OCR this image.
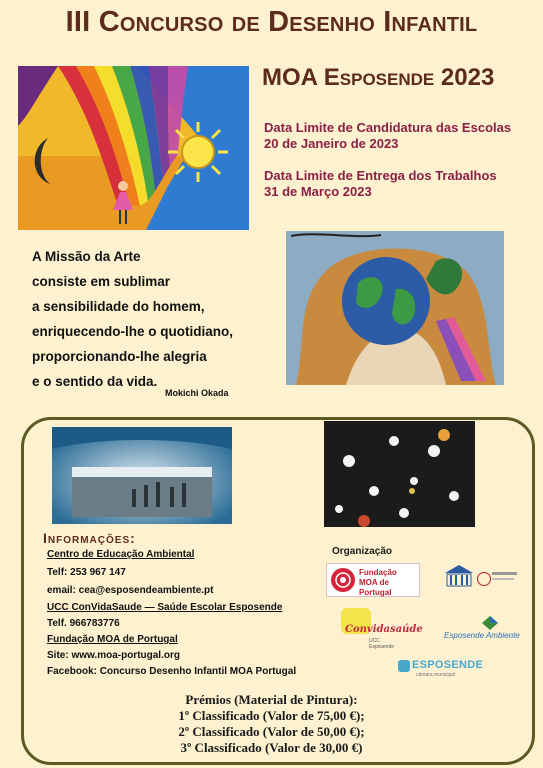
III Concurso de Desenho Infantil
MOA Esposende 2023
Data Limite de Candidatura das Escolas
20 de Janeiro de 2023
Data Limite de Entrega dos Trabalhos
31 de Março 2023
A Missão da Arte
consiste em sublimar
a sensibilidade do homem,
enriquecendo-lhe o quotidiano,
proporcionando-lhe alegria
e o sentido da vida.
Mokichi Okada
Informações:
Centro de Educação Ambiental
Telf: 253 967 147
email: cea@esposendeambiente.pt
UCC ConVidaSaude — Saúde Escolar Esposende
Telf. 966783776
Fundação MOA de Portugal
Site: www.moa-portugal.org
Facebook: Concurso Desenho Infantil MOA Portugal
Organização
Fundação MOA de Portugal
Convidasaúde
UCC Esposende
Esposende Ambiente
ESPOSENDE
câmara municipal
Prémios (Material de Pintura):
1º Classificado (Valor de 75,00 €);
2º Classificado (Valor de 50,00 €);
3º Classificado (Valor de 30,00 €)
